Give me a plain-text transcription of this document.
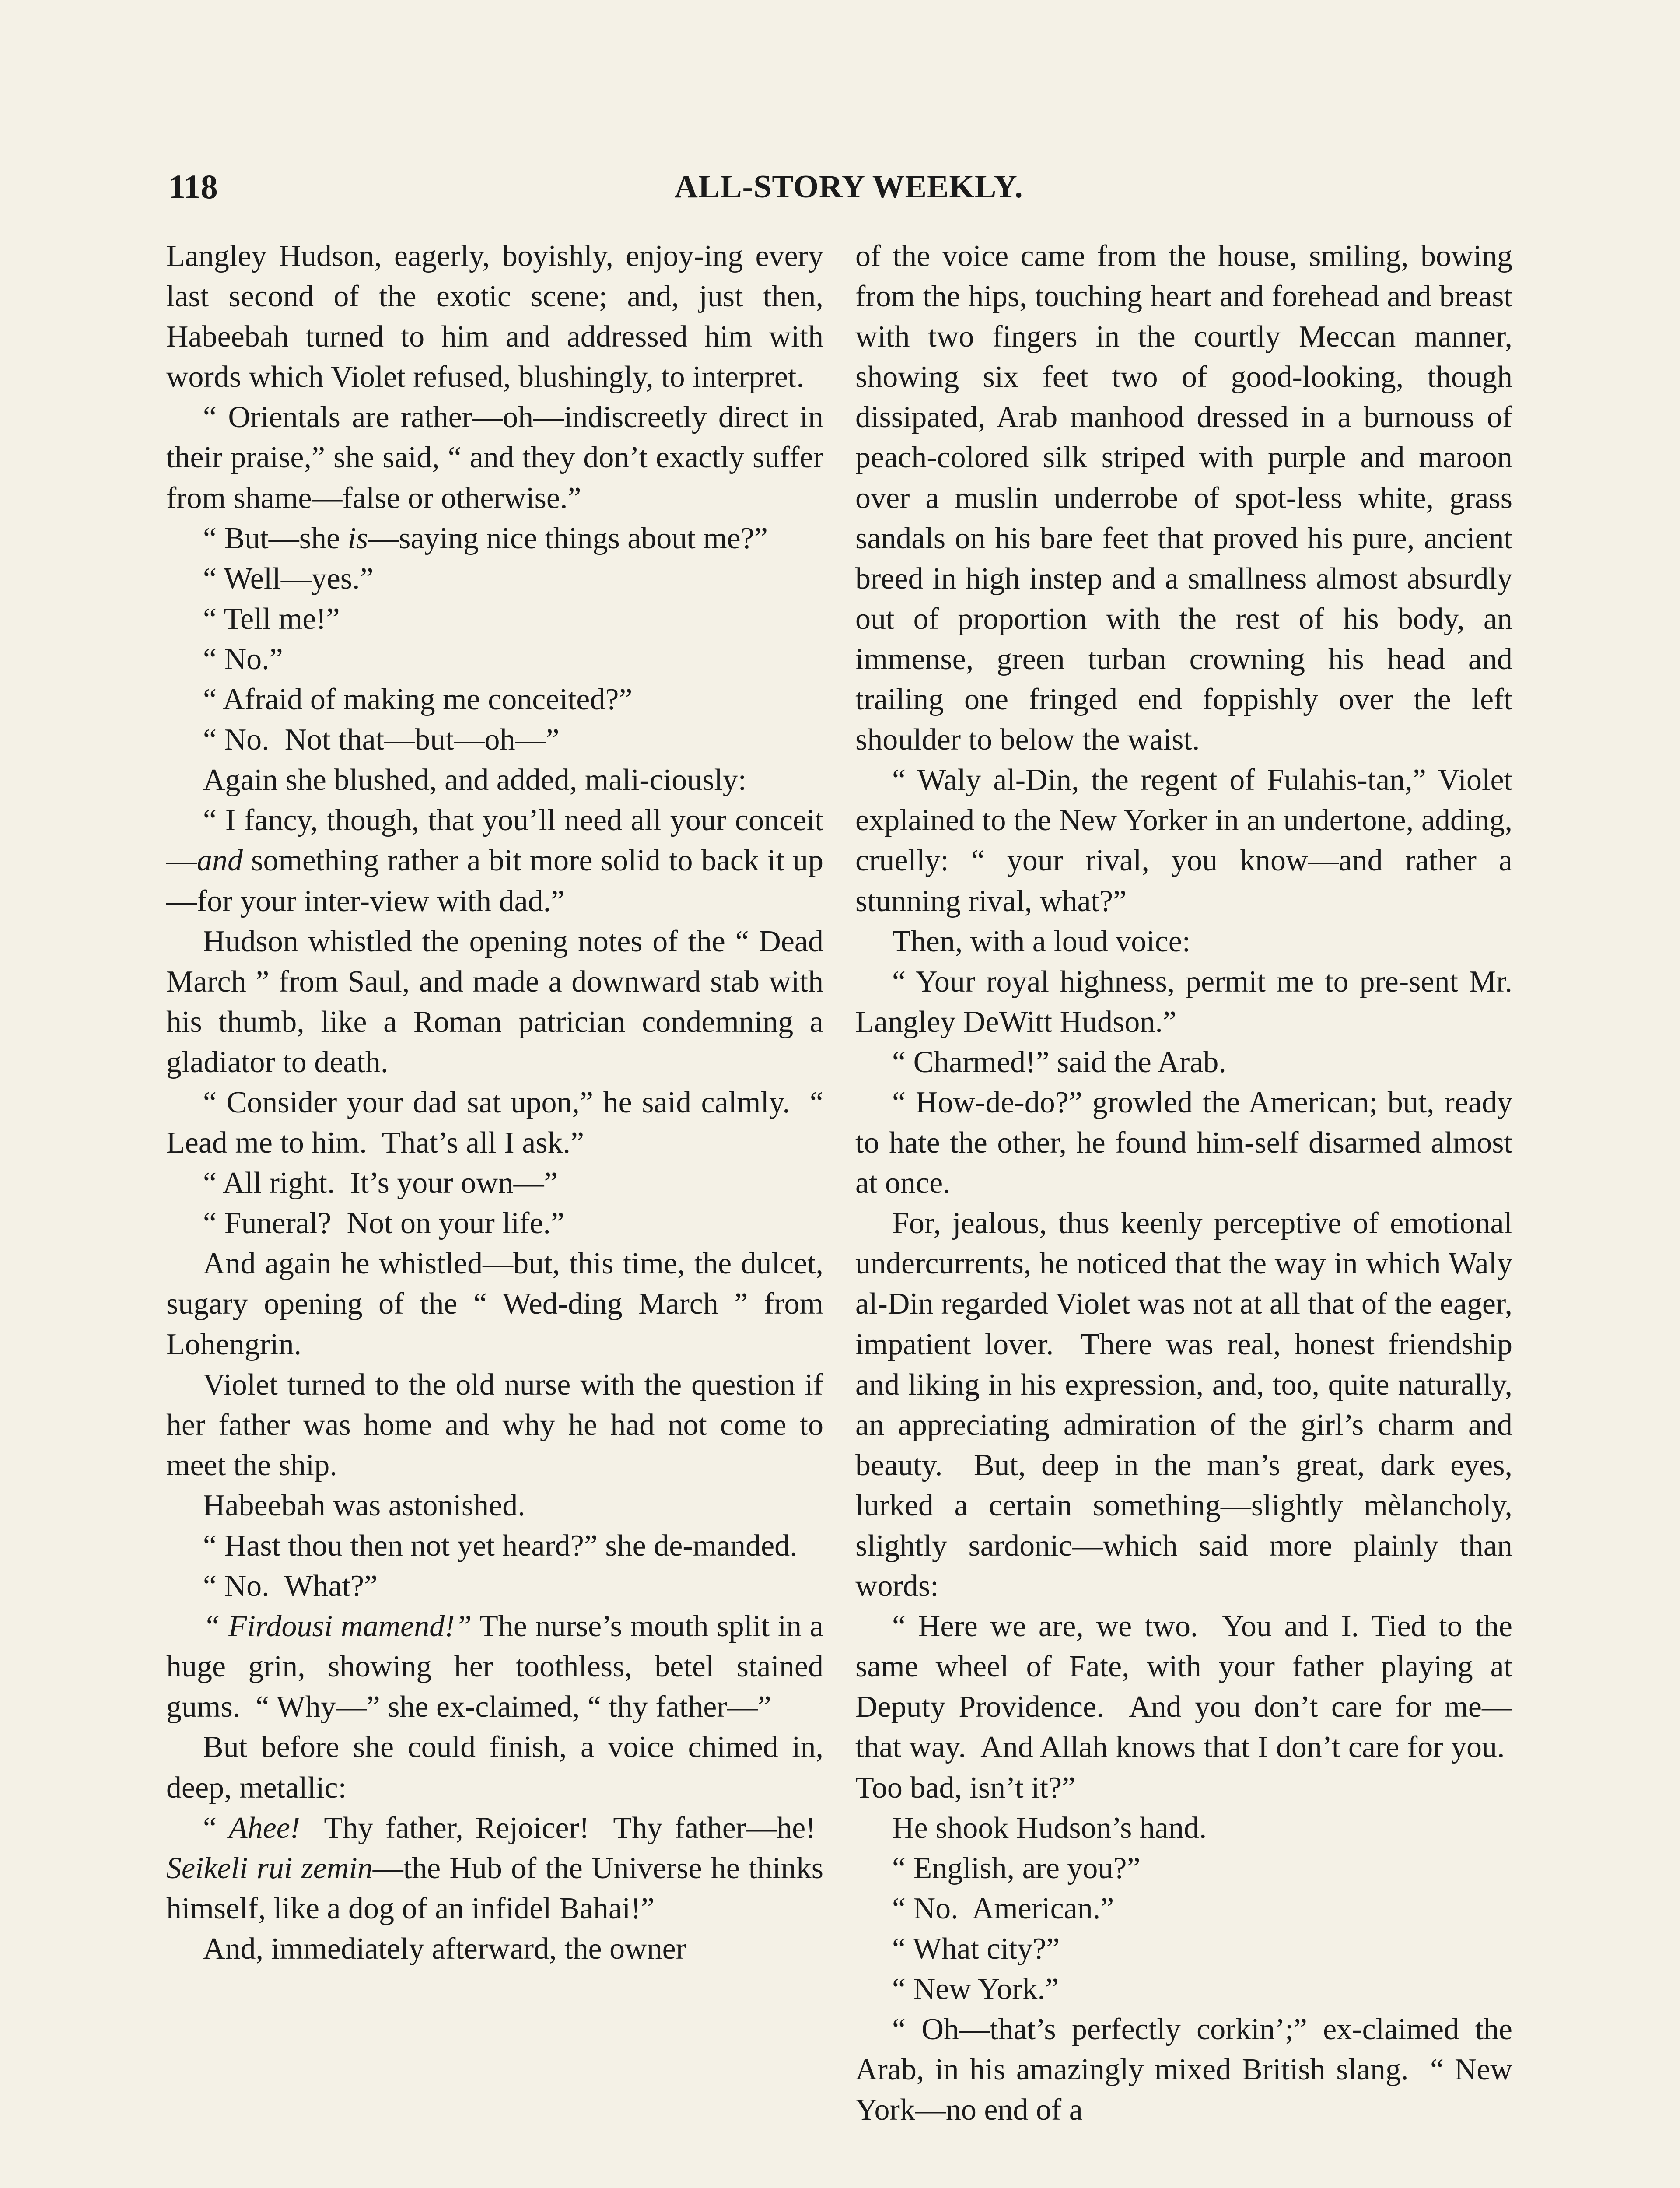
118	ALL-STORY WEEKLY.

Langley Hudson, eagerly, boyishly, enjoy-ing every last second of the exotic scene; and, just then, Habeebah turned to him and addressed him with words which Violet refused, blushingly, to interpret.

“ Orientals are rather—oh—indiscreetly direct in their praise,” she said, “ and they don’t exactly suffer from shame—false or otherwise.”

“ But—she is—saying nice things about me?”

“ Well—yes.”

“ Tell me!”

“ No.”

“ Afraid of making me conceited?”

“ No.  Not that—but—oh—”

Again she blushed, and added, mali-ciously:

“ I fancy, though, that you’ll need all your conceit—and something rather a bit more solid to back it up—for your inter-view with dad.”

Hudson whistled the opening notes of the “ Dead March ” from Saul, and made a downward stab with his thumb, like a Roman patrician condemning a gladiator to death.

“ Consider your dad sat upon,” he said calmly.  “ Lead me to him.  That’s all I ask.”

“ All right.  It’s your own—”

“ Funeral?  Not on your life.”

And again he whistled—but, this time, the dulcet, sugary opening of the “ Wed-ding March ” from Lohengrin.

Violet turned to the old nurse with the question if her father was home and why he had not come to meet the ship.

Habeebah was astonished.

“ Hast thou then not yet heard?” she de-manded.

“ No.  What?”

“ Firdousi mamend!” The nurse’s mouth split in a huge grin, showing her toothless, betel stained gums.  “ Why—” she ex-claimed, “ thy father—”

But before she could finish, a voice chimed in, deep, metallic:

“ Ahee!  Thy father, Rejoicer!  Thy father—he!  Seikeli rui zemin—the Hub of the Universe he thinks himself, like a dog of an infidel Bahai!”

And, immediately afterward, the owner

of the voice came from the house, smiling, bowing from the hips, touching heart and forehead and breast with two fingers in the courtly Meccan manner, showing six feet two of good-looking, though dissipated, Arab manhood dressed in a burnouss of peach-colored silk striped with purple and maroon over a muslin underrobe of spot-less white, grass sandals on his bare feet that proved his pure, ancient breed in high instep and a smallness almost absurdly out of proportion with the rest of his body, an immense, green turban crowning his head and trailing one fringed end foppishly over the left shoulder to below the waist.

“ Waly al-Din, the regent of Fulahis-tan,” Violet explained to the New Yorker in an undertone, adding, cruelly: “ your rival, you know—and rather a stunning rival, what?”

Then, with a loud voice:

“ Your royal highness, permit me to pre-sent Mr. Langley DeWitt Hudson.”

“ Charmed!” said the Arab.

“ How-de-do?” growled the American; but, ready to hate the other, he found him-self disarmed almost at once.

For, jealous, thus keenly perceptive of emotional undercurrents, he noticed that the way in which Waly al-Din regarded Violet was not at all that of the eager, impatient lover.  There was real, honest friendship and liking in his expression, and, too, quite naturally, an appreciating admiration of the girl’s charm and beauty.  But, deep in the man’s great, dark eyes, lurked a certain something—slightly mèlancholy, slightly sardonic—which said more plainly than words:

“ Here we are, we two.  You and I. Tied to the same wheel of Fate, with your father playing at Deputy Providence.  And you don’t care for me—that way.  And Allah knows that I don’t care for you.  Too bad, isn’t it?”

He shook Hudson’s hand.

“ English, are you?”

“ No.  American.”

“ What city?”

“ New York.”

“ Oh—that’s perfectly corkin’;” ex-claimed the Arab, in his amazingly mixed British slang.  “ New York—no end of a
